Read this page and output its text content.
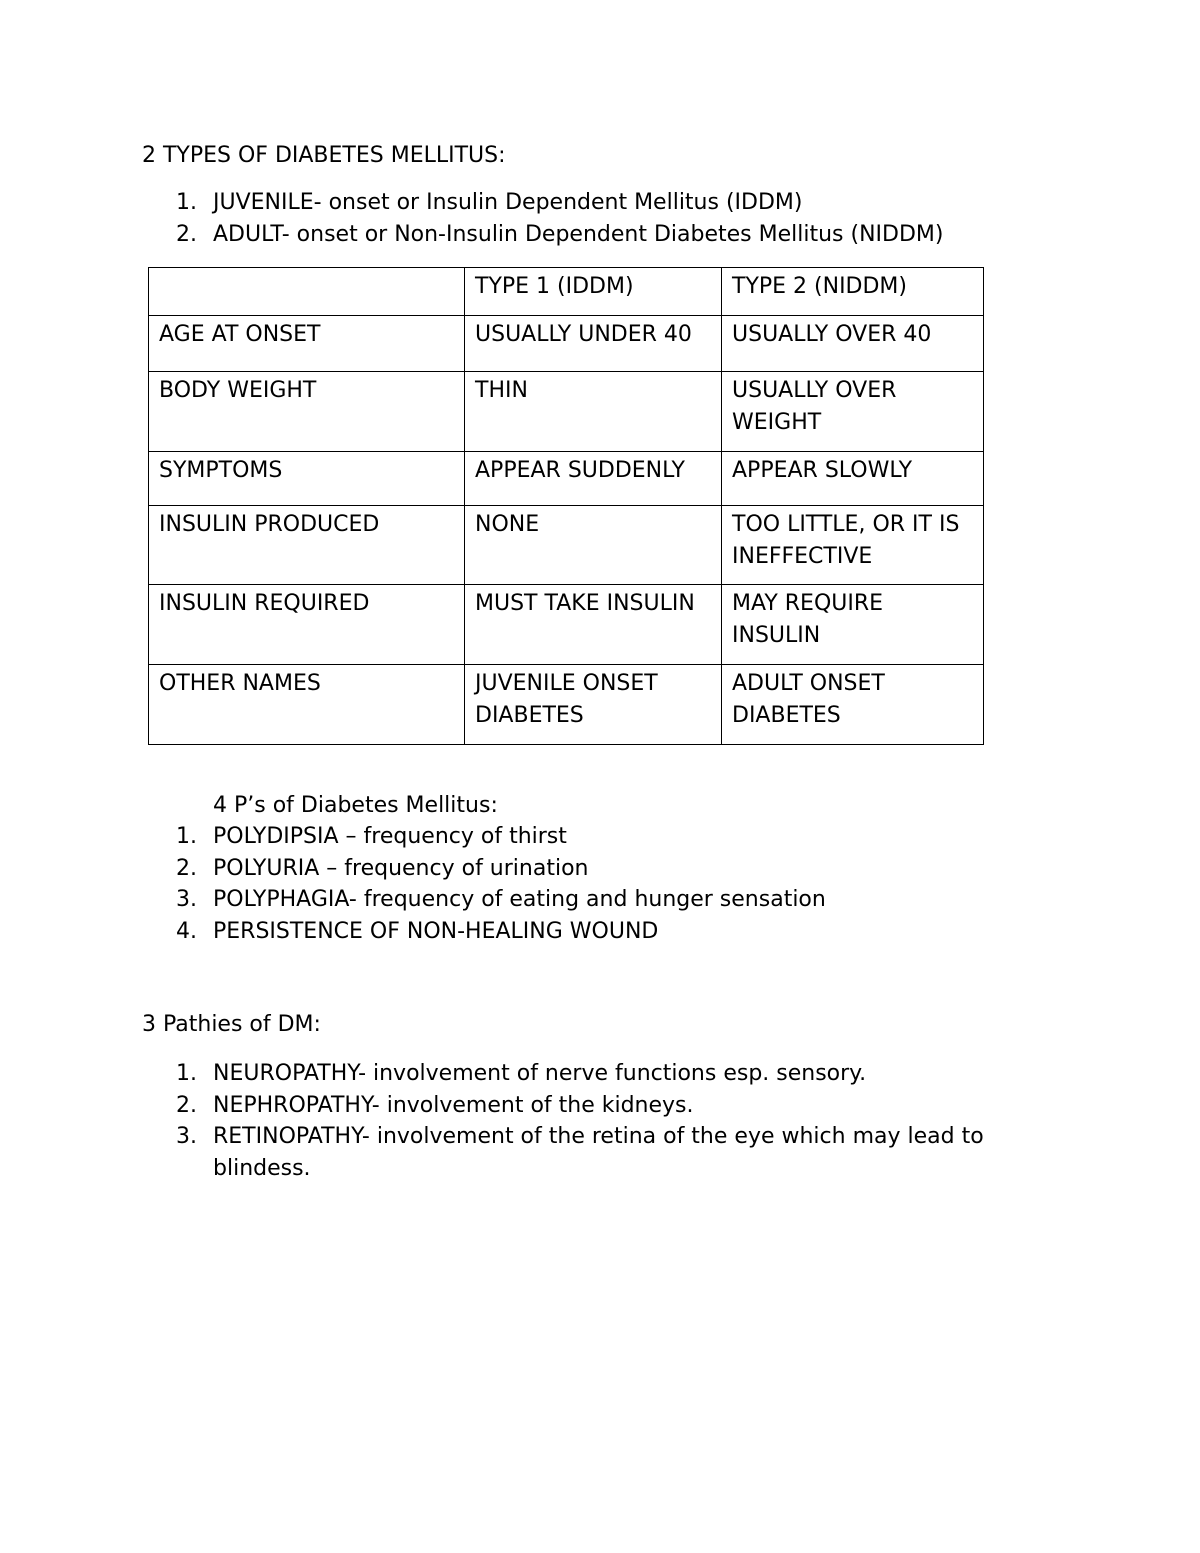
2 TYPES OF DIABETES MELLITUS:
1. JUVENILE- onset or Insulin Dependent Mellitus (IDDM)
2. ADULT- onset or Non-Insulin Dependent Diabetes Mellitus (NIDDM)
	TYPE 1 (IDDM)	TYPE 2 (NIDDM)
AGE AT ONSET	USUALLY UNDER 40	USUALLY OVER 40
BODY WEIGHT	THIN	USUALLY OVER WEIGHT
SYMPTOMS	APPEAR SUDDENLY	APPEAR SLOWLY
INSULIN PRODUCED	NONE	TOO LITTLE, OR IT IS INEFFECTIVE
INSULIN REQUIRED	MUST TAKE INSULIN	MAY REQUIRE INSULIN
OTHER NAMES	JUVENILE ONSET DIABETES	ADULT ONSET DIABETES
4 P’s of Diabetes Mellitus:
1. POLYDIPSIA – frequency of thirst
2. POLYURIA – frequency of urination
3. POLYPHAGIA- frequency of eating and hunger sensation
4. PERSISTENCE OF NON-HEALING WOUND
3 Pathies of DM:
1. NEUROPATHY- involvement of nerve functions esp. sensory.
2. NEPHROPATHY- involvement of the kidneys.
3. RETINOPATHY- involvement of the retina of the eye which may lead to blindess.
